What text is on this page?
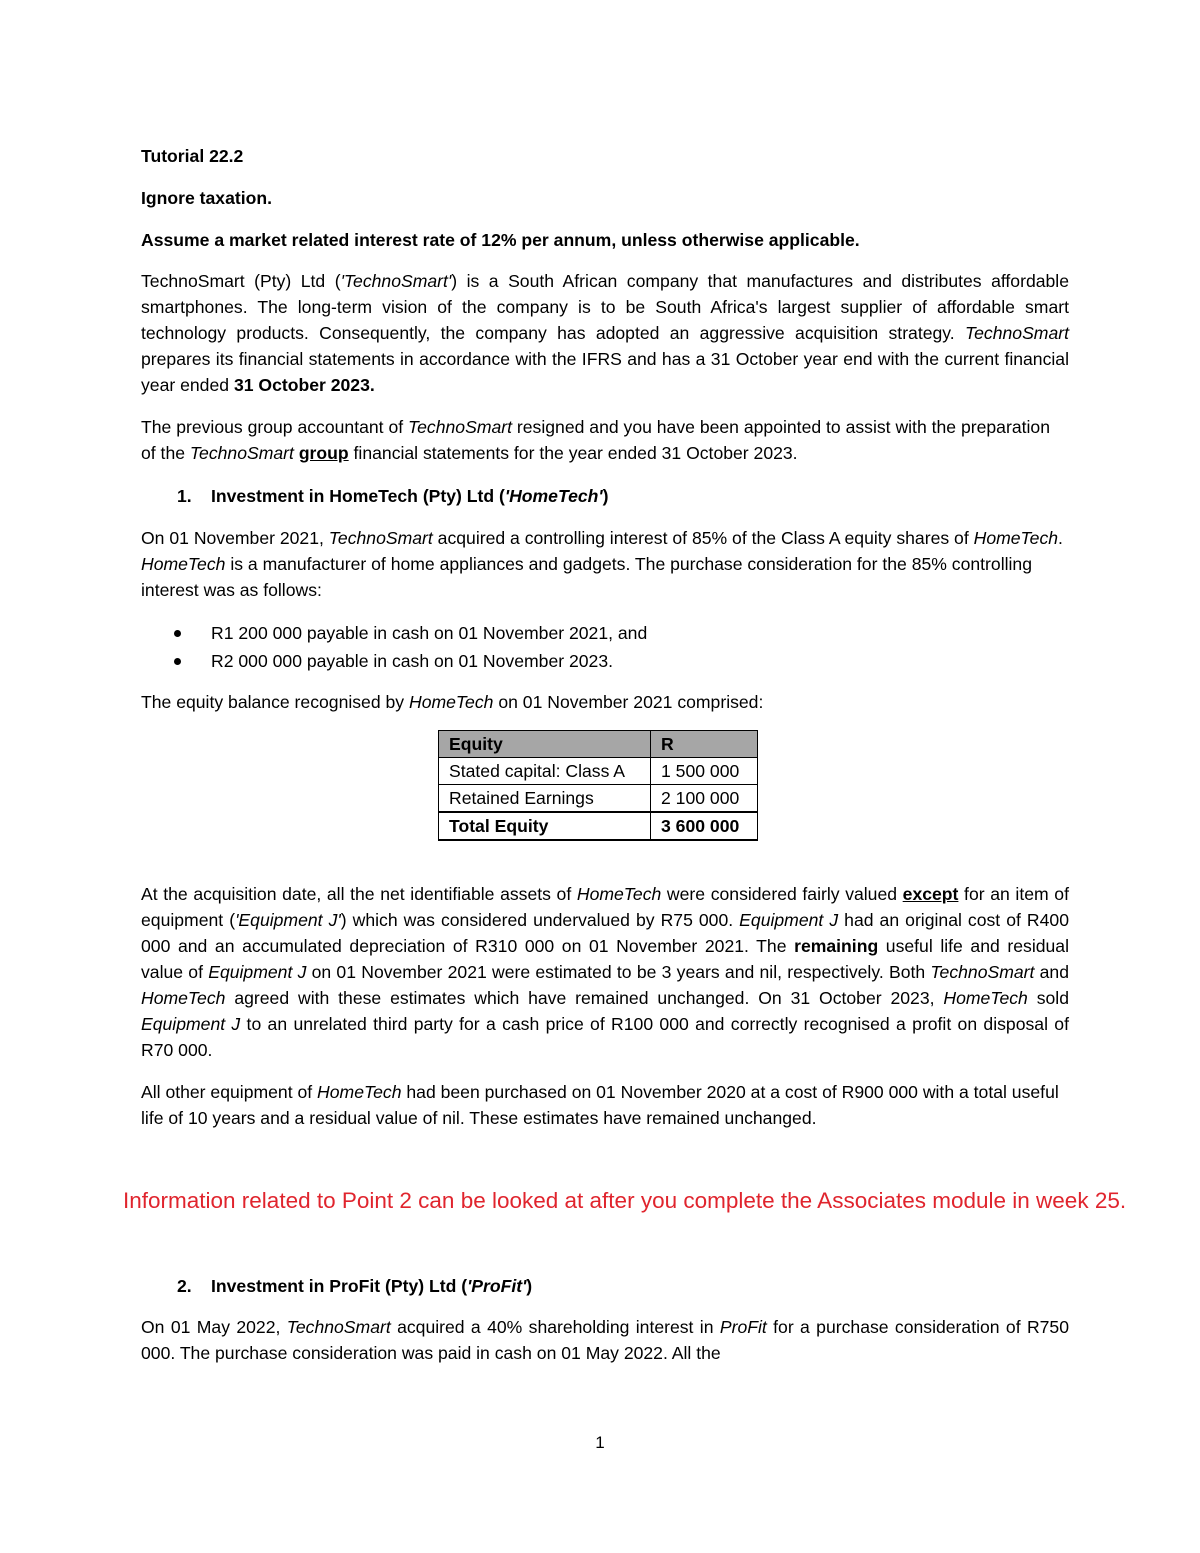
Tutorial 22.2

Ignore taxation.

Assume a market related interest rate of 12% per annum, unless otherwise applicable.

TechnoSmart (Pty) Ltd ('TechnoSmart') is a South African company that manufactures and distributes affordable smartphones. The long-term vision of the company is to be South Africa's largest supplier of affordable smart technology products. Consequently, the company has adopted an aggressive acquisition strategy. TechnoSmart prepares its financial statements in accordance with the IFRS and has a 31 October year end with the current financial year ended 31 October 2023.

The previous group accountant of TechnoSmart resigned and you have been appointed to assist with the preparation of the TechnoSmart group financial statements for the year ended 31 October 2023.

1.	Investment in HomeTech (Pty) Ltd ('HomeTech')

On 01 November 2021, TechnoSmart acquired a controlling interest of 85% of the Class A equity shares of HomeTech. HomeTech is a manufacturer of home appliances and gadgets. The purchase consideration for the 85% controlling interest was as follows:

R1 200 000 payable in cash on 01 November 2021, and
R2 000 000 payable in cash on 01 November 2023.

The equity balance recognised by HomeTech on 01 November 2021 comprised:

Equity	R
Stated capital: Class A	1 500 000
Retained Earnings	2 100 000
Total Equity	3 600 000

At the acquisition date, all the net identifiable assets of HomeTech were considered fairly valued except for an item of equipment ('Equipment J') which was considered undervalued by R75 000. Equipment J had an original cost of R400 000 and an accumulated depreciation of R310 000 on 01 November 2021. The remaining useful life and residual value of Equipment J on 01 November 2021 were estimated to be 3 years and nil, respectively. Both TechnoSmart and HomeTech agreed with these estimates which have remained unchanged. On 31 October 2023, HomeTech sold Equipment J to an unrelated third party for a cash price of R100 000 and correctly recognised a profit on disposal of R70 000.

All other equipment of HomeTech had been purchased on 01 November 2020 at a cost of R900 000 with a total useful life of 10 years and a residual value of nil. These estimates have remained unchanged.

2.	Investment in ProFit (Pty) Ltd ('ProFit')

On 01 May 2022, TechnoSmart acquired a 40% shareholding interest in ProFit for a purchase consideration of R750 000. The purchase consideration was paid in cash on 01 May 2022. All the

Information related to Point 2 can be looked at after you complete the Associates module in week 25.
1
